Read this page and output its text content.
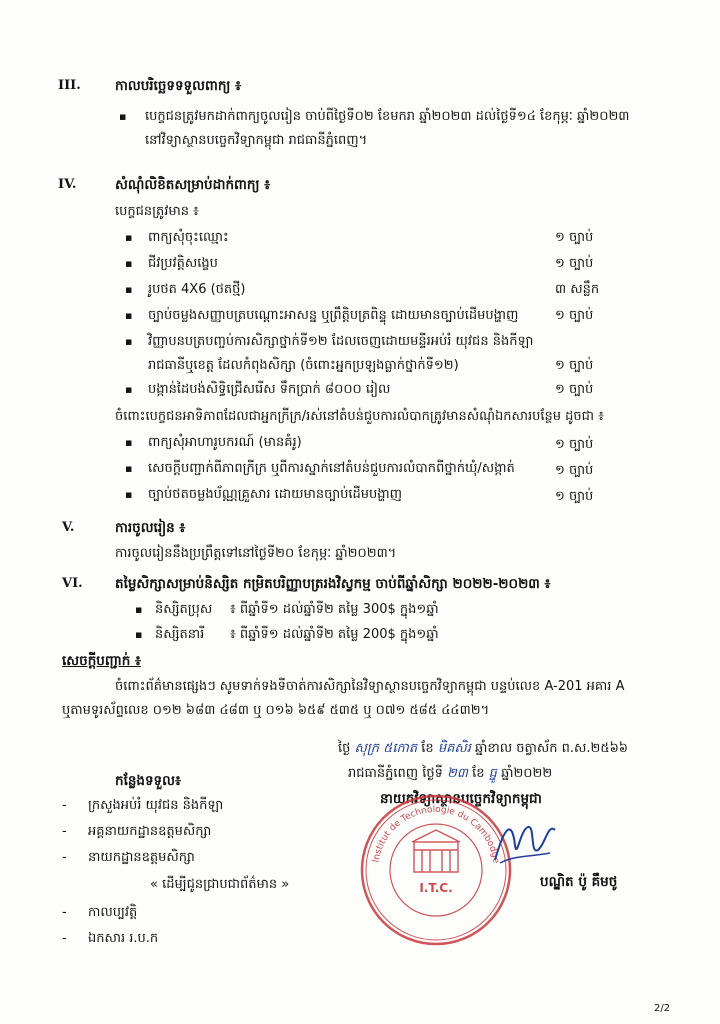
III.	កាលបរិច្ឆេទទទួលពាក្យ ៖
▪ បេក្ខជនត្រូវមកដាក់ពាក្យចូលរៀន ចាប់ពីថ្ងៃទី០២ ខែមករា ឆ្នាំ២០២៣ ដល់ថ្ងៃទី១៤ ខែកុម្ភៈ ឆ្នាំ២០២៣
នៅវិទ្យាស្ថានបច្ចេកវិទ្យាកម្ពុជា រាជធានីភ្នំពេញ។
IV.	សំណុំលិខិតសម្រាប់ដាក់ពាក្យ ៖
បេក្ខជនត្រូវមាន ៖
▪ ពាក្យសុំចុះឈ្មោះ	១ ច្បាប់
▪ ជីវប្រវត្តិសង្ខេប	១ ច្បាប់
▪ រូបថត 4X6 (ថតថ្មី)	៣ សន្លឹក
▪ ច្បាប់ចម្លងសញ្ញាបត្របណ្ដោះអាសន្ន ឬព្រឹត្តិបត្រពិន្ទុ ដោយមានច្បាប់ដើមបង្ហាញ	១ ច្បាប់
▪ វិញ្ញាបនបត្របញ្ចប់ការសិក្សាថ្នាក់ទី១២ ដែលចេញដោយមន្ទីរអប់រំ យុវជន និងកីឡា
រាជធានីឬខេត្ត ដែលកំពុងសិក្សា (ចំពោះអ្នកប្រឡងធ្លាក់ថ្នាក់ទី១២)	១ ច្បាប់
▪ បង្កាន់ដៃបង់សិទ្ធិជ្រើសរើស ទឹកប្រាក់ ៨០០០ រៀល	១ ច្បាប់
ចំពោះបេក្ខជនអាទិភាពដែលជាអ្នកក្រីក្រ/រស់នៅតំបន់ជួបការលំបាកត្រូវមានសំណុំឯកសារបន្ថែម ដូចជា ៖
▪ ពាក្យសុំអាហារូបករណ៍ (មានគំរូ)	១ ច្បាប់
▪ សេចក្ដីបញ្ជាក់ពីភាពក្រីក្រ ឬពីការស្នាក់នៅតំបន់ជួបការលំបាកពីថ្នាក់ឃុំ/សង្កាត់	១ ច្បាប់
▪ ច្បាប់ថតចម្លងប័ណ្ណគ្រួសារ ដោយមានច្បាប់ដើមបង្ហាញ	១ ច្បាប់
V.	ការចូលរៀន ៖
ការចូលរៀននឹងប្រព្រឹត្តទៅនៅថ្ងៃទី២០ ខែកុម្ភៈ ឆ្នាំ២០២៣។
VI. តម្លៃសិក្សាសម្រាប់និស្សិត កម្រិតបរិញ្ញាបត្ររងវិស្វកម្ម ចាប់ពីឆ្នាំសិក្សា ២០២២-២០២៣ ៖
▪ និស្សិតប្រុស ៖ ពីឆ្នាំទី១ ដល់ឆ្នាំទី២ តម្លៃ 300$ ក្នុង១ឆ្នាំ
▪ និស្សិតនារី ៖ ពីឆ្នាំទី១ ដល់ឆ្នាំទី២ តម្លៃ 200$ ក្នុង១ឆ្នាំ
សេចក្ដីបញ្ជាក់ ៖
ចំពោះព័ត៌មានផ្សេងៗ សូមទាក់ទងទីចាត់ការសិក្សានៃវិទ្យាស្ថានបច្ចេកវិទ្យាកម្ពុជា បន្ទប់លេខ A-201 អគារ A
ឬតាមទូរស័ព្ទលេខ ០១២ ៦៨៣ ៤៨៣ ឬ ០១៦ ៦៥៩ ៥៣៥ ឬ ០៧១ ៥៨៥ ៤៤៣២។
ថ្ងៃ សុក្រ ៥កោត ខែ មិគសិរ ឆ្នាំខាល ចត្វាស័ក ព.ស.២៥៦៦
រាជធានីភ្នំពេញ ថ្ងៃទី ២៣ ខែ ធ្នូ ឆ្នាំ២០២២
នាយកវិទ្យាស្ថានបច្ចេកវិទ្យាកម្ពុជា
Institut de Technologie du Cambodge
I.T.C.	បណ្ឌិត ប៉ូ គឹមថូ
កន្លែងទទួល៖
- ក្រសួងអប់រំ យុវជន និងកីឡា
- អគ្គនាយកដ្ឋានឧត្តមសិក្សា
- នាយកដ្ឋានឧត្តមសិក្សា
« ដើម្បីជូនជ្រាបជាព័ត៌មាន »
- កាលប្បវត្តិ
- ឯកសារ រ.ប.ក
2/2
